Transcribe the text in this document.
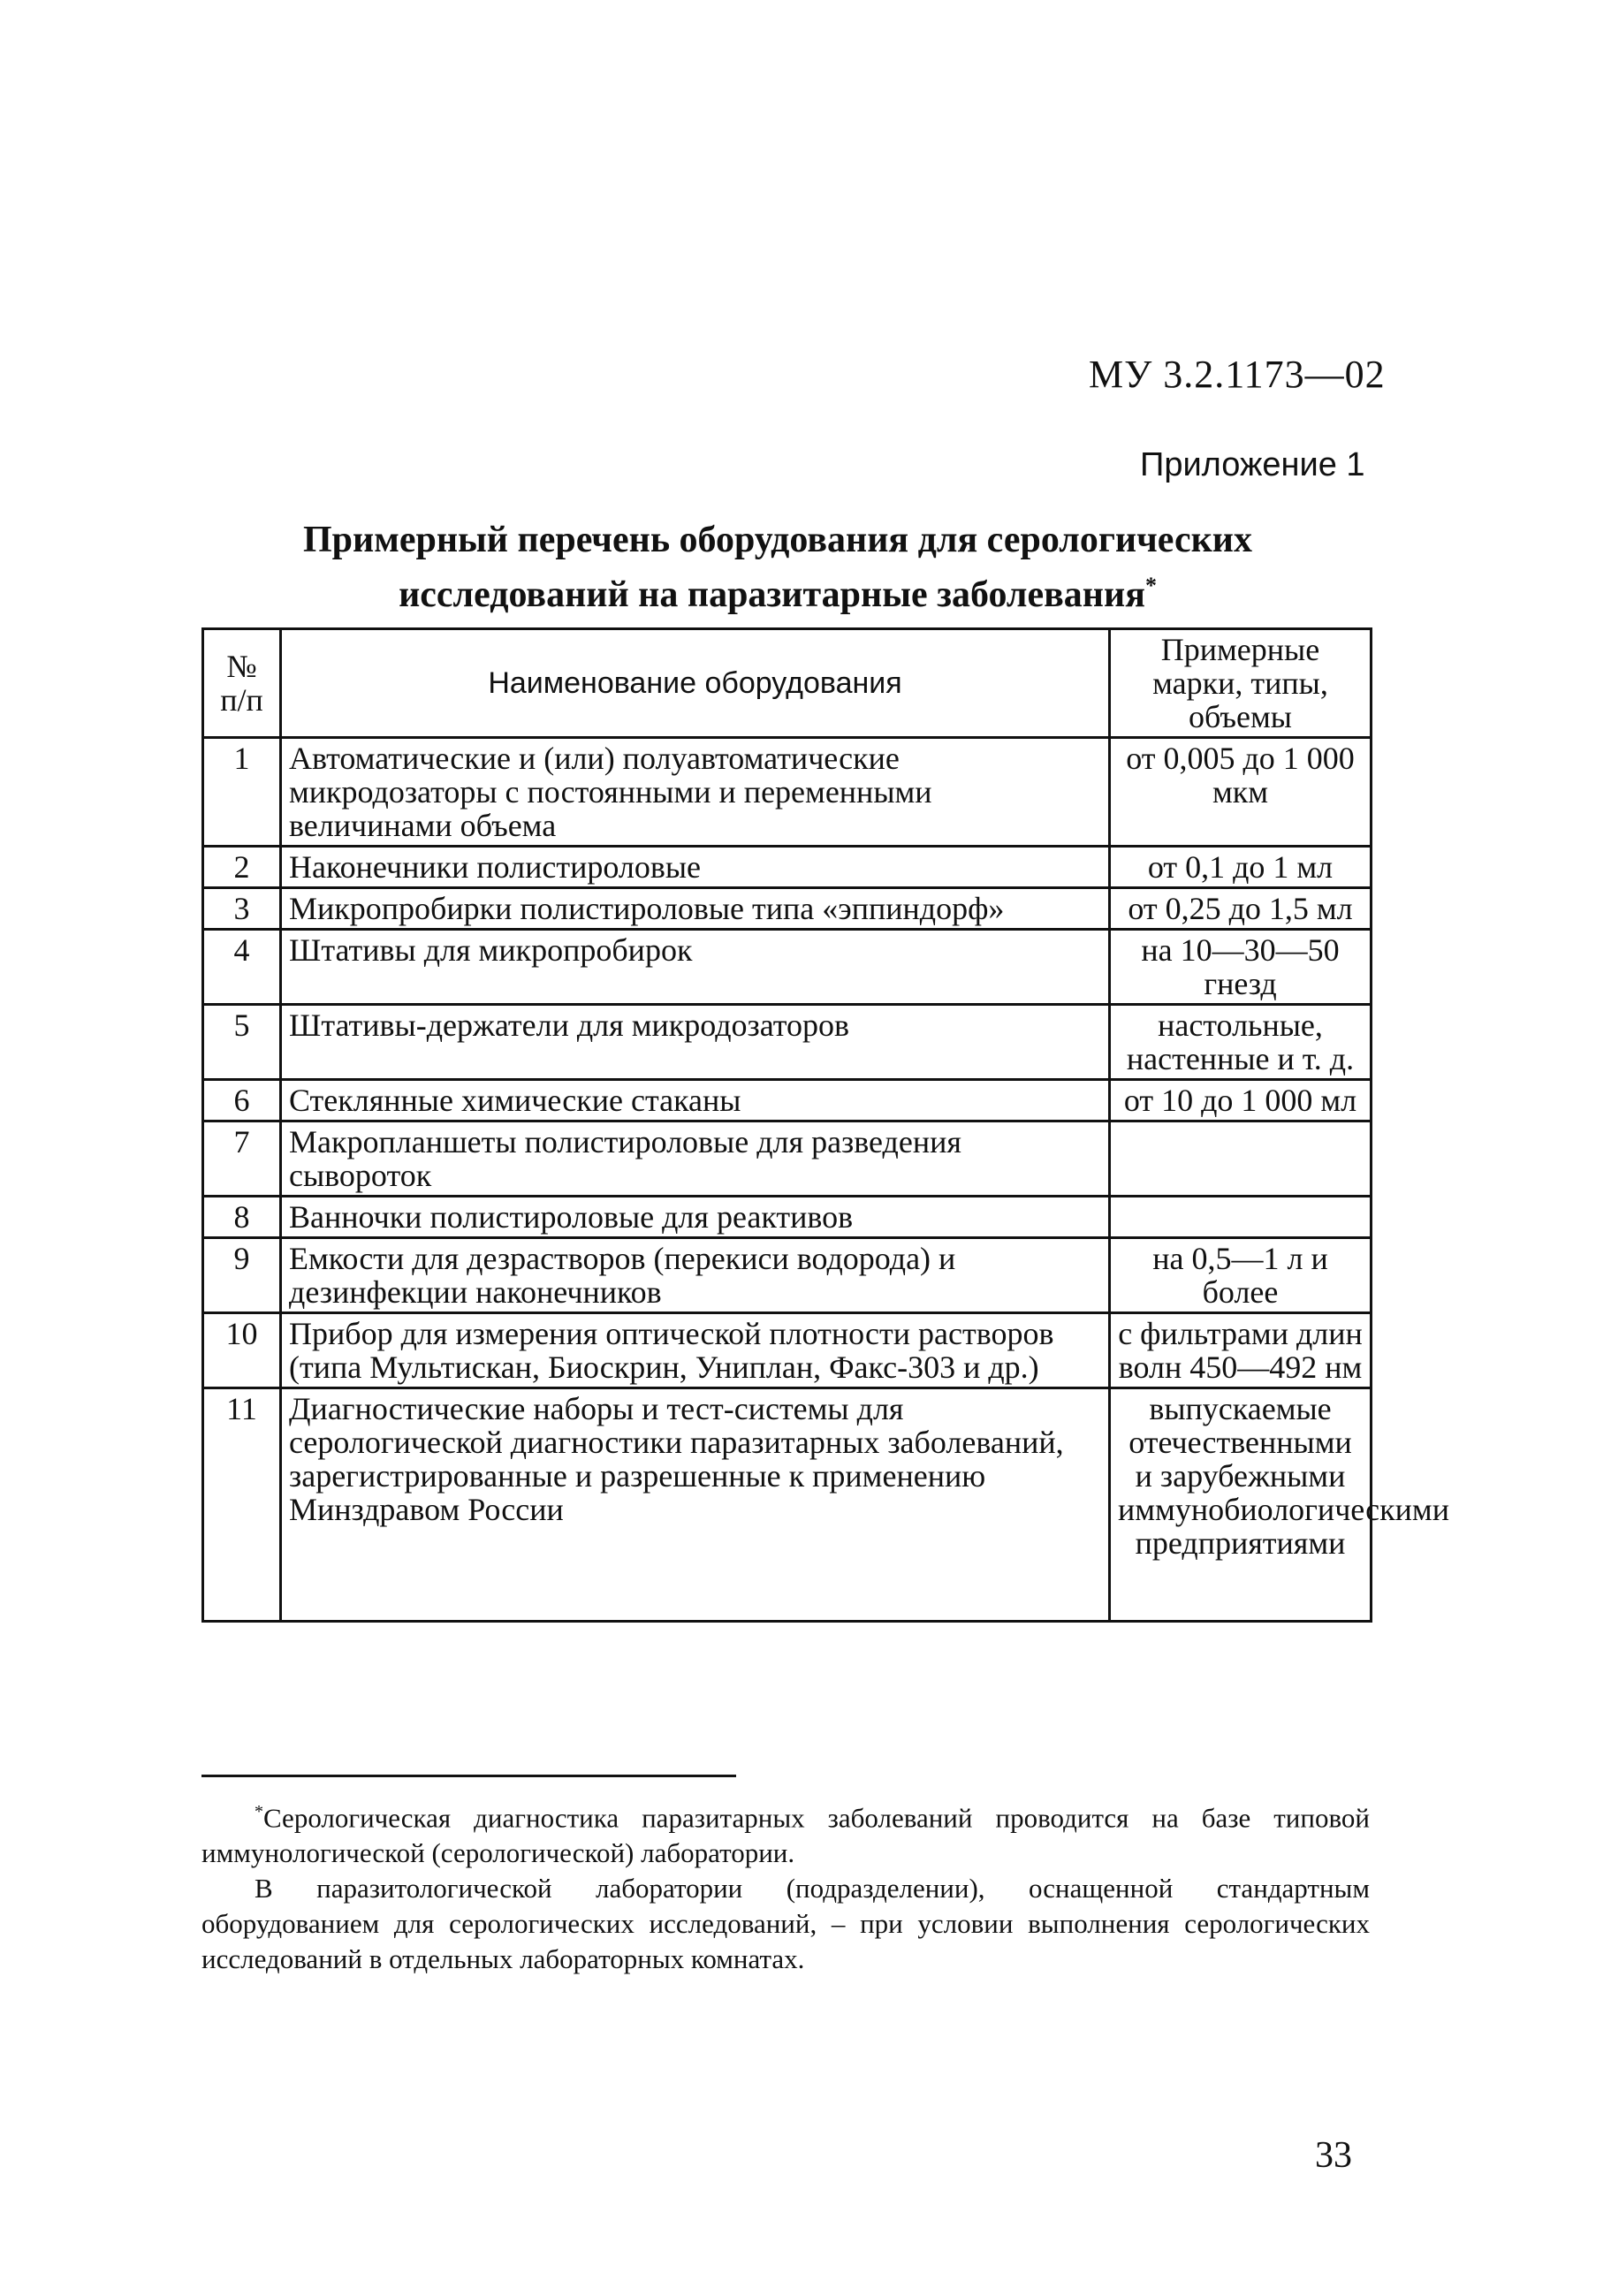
МУ 3.2.1173—02
Приложение 1
Примерный перечень оборудования для серологических
исследований на паразитарные заболевания*
№ п/п	Наименование оборудования	Примерные марки, типы, объемы
1	Автоматические и (или) полуавтоматические микродозаторы с постоянными и переменными величинами объема	от 0,005 до 1 000 мкм
2	Наконечники полистироловые	от 0,1 до 1 мл
3	Микропробирки полистироловые типа «эппиндорф»	от 0,25 до 1,5 мл
4	Штативы для микропробирок	на 10—30—50 гнезд
5	Штативы-держатели для микродозаторов	настольные, настенные и т. д.
6	Стеклянные химические стаканы	от 10 до 1 000 мл
7	Макропланшеты полистироловые для разведения сывороток	
8	Ванночки полистироловые для реактивов	
9	Емкости для дезрастворов (перекиси водорода) и дезинфекции наконечников	на 0,5—1 л и более
10	Прибор для измерения оптической плотности растворов (типа Мультискан, Биоскрин, Униплан, Факс-303 и др.)	с фильтрами длин волн 450—492 нм
11	Диагностические наборы и тест-системы для серологической диагностики паразитарных заболеваний, зарегистрированные и разрешенные к применению Минздравом России	выпускаемые отечественными и зарубежными иммунобиологическими предприятиями

*Серологическая диагностика паразитарных заболеваний проводится на базе типовой иммунологической (серологической) лаборатории.

В паразитологической лаборатории (подразделении), оснащенной стандартным оборудованием для серологических исследований, – при условии выполнения серологических исследований в отдельных лабораторных комнатах.

33
